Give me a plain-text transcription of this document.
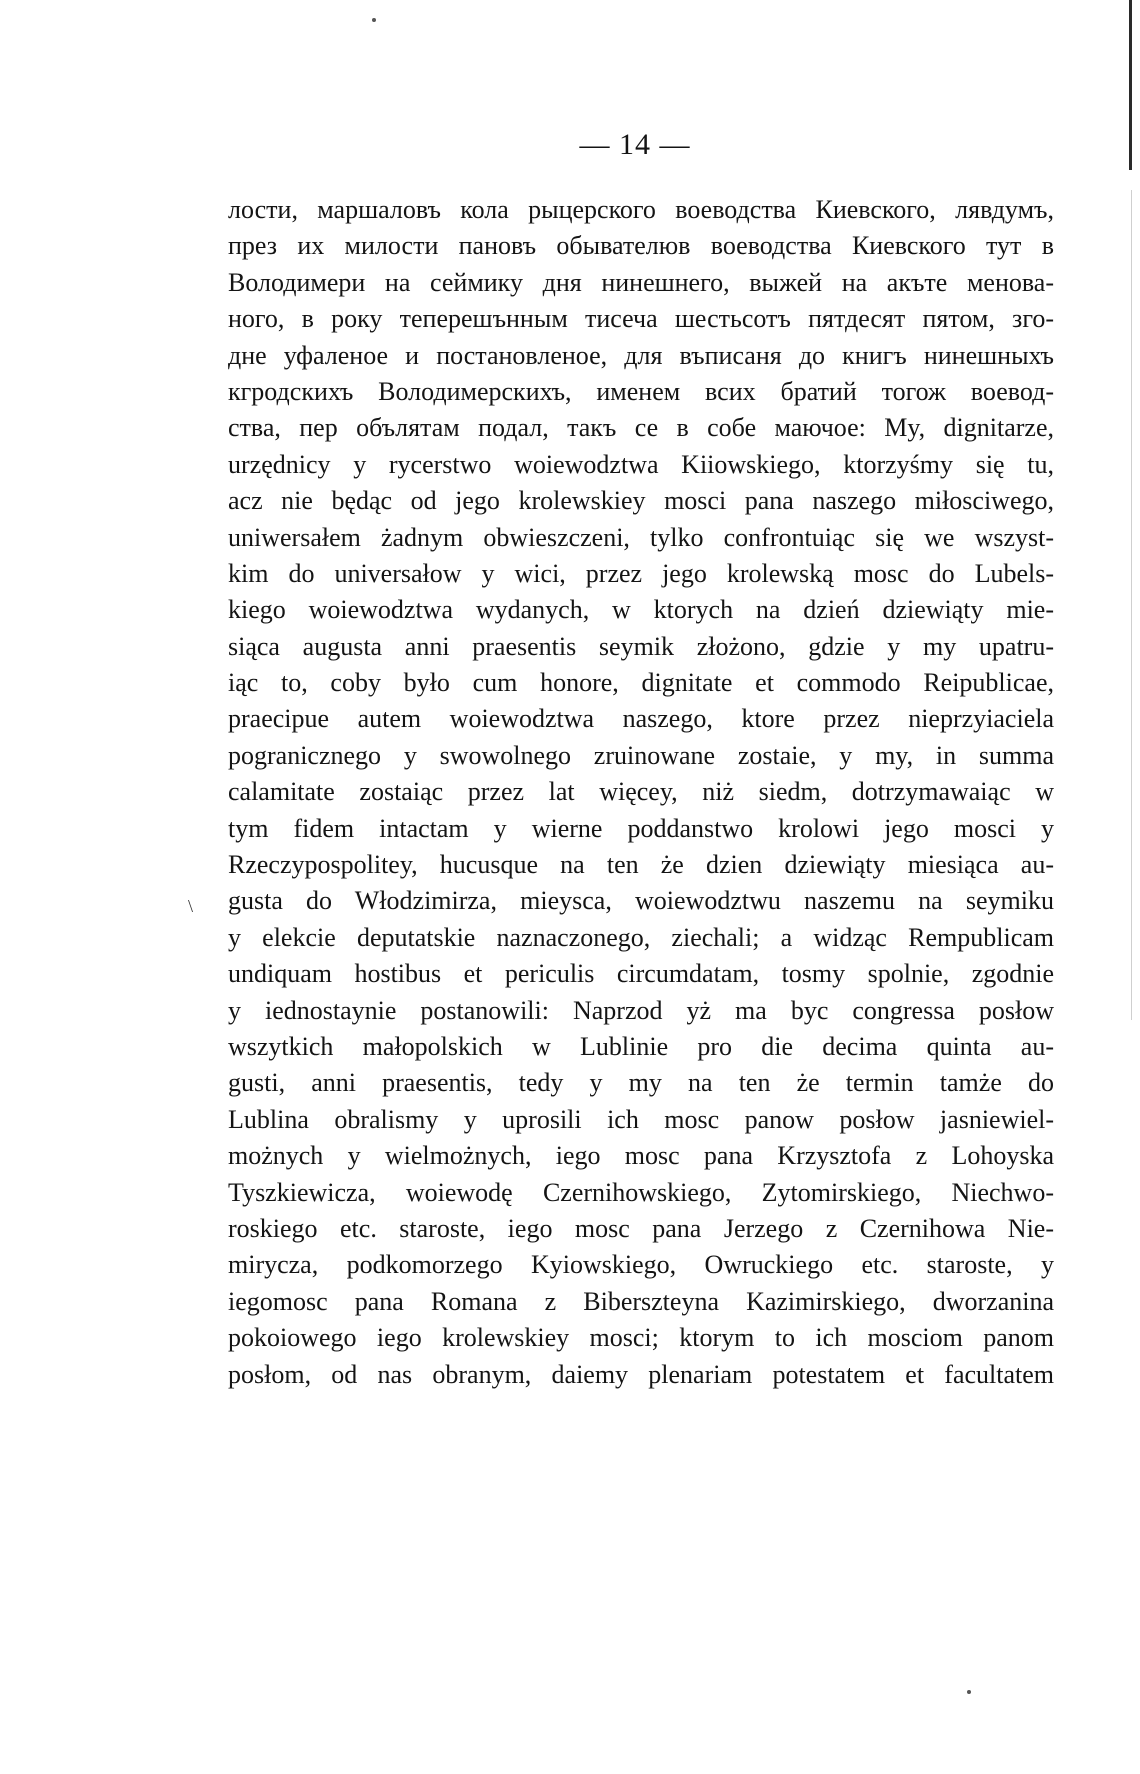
— 14 —
\
лости, маршаловъ кола рыцерского воеводства Киевского, лявдумъ,
през их милости пановъ обывателюв воеводства Киевского тут в
Володимери на сеймику дня нинешнего, выжей на акъте менова-
ного, в року теперешънным тисеча шестьсотъ пятдесят пятом, зго-
дне уфаленое и постановленое, для въписаня до книгъ нинешныхъ
кгродскихъ Володимерскихъ, именем всих братий тогож воевод-
ства, пер обълятам подал, такъ се в собе маючое: My, dignitarze,
urzędnicy y rycerstwo woiewodztwa Kiiowskiego, ktorzyśmy się tu,
acz nie będąc od jego krolewskiey mosci pana naszego miłosciwego,
uniwersałem żadnym obwieszczeni, tylko confrontuiąc się we wszyst-
kim do universałow y wici, przez jego krolewską mosc do Lubels-
kiego woiewodztwa wydanych, w ktorych na dzień dziewiąty mie-
siąca augusta anni praesentis seymik złożono, gdzie y my upatru-
iąc to, coby było cum honore, dignitate et commodo Reipublicae,
praecipue autem woiewodztwa naszego, ktore przez nieprzyiaciela
pogranicznego y swowolnego zruinowane zostaie, y my, in summa
calamitate zostaiąc przez lat więcey, niż siedm, dotrzymawaiąc w
tym fidem intactam y wierne poddanstwo krolowi jego mosci y
Rzeczypospolitey, hucusque na ten że dzien dziewiąty miesiąca au-
gusta do Włodzimirza, mieysca, woiewodztwu naszemu na seymiku
y elekcie deputatskie naznaczonego, ziechali; a widząc Rempublicam
undiquam hostibus et periculis circumdatam, tosmy spolnie, zgodnie
y iednostaynie postanowili: Naprzod yż ma byc congressa posłow
wszytkich małopolskich w Lublinie pro die decima quinta au-
gusti, anni praesentis, tedy y my na ten że termin tamże do
Lublina obralismy y uprosili ich mosc panow posłow jasniewiel-
możnych y wielmożnych, iego mosc pana Krzysztofa z Lohoyska
Tyszkiewicza, woiewodę Czernihowskiego, Zytomirskiego, Niechwo-
roskiego etc. staroste, iego mosc pana Jerzego z Czernihowa Nie-
mirycza, podkomorzego Kyiowskiego, Owruckiego etc. staroste, y
iegomosc pana Romana z Biberszteyna Kazimirskiego, dworzanina
pokoiowego iego krolewskiey mosci; ktorym to ich mosciom panom
posłom, od nas obranym, daiemy plenariam potestatem et facultatem
